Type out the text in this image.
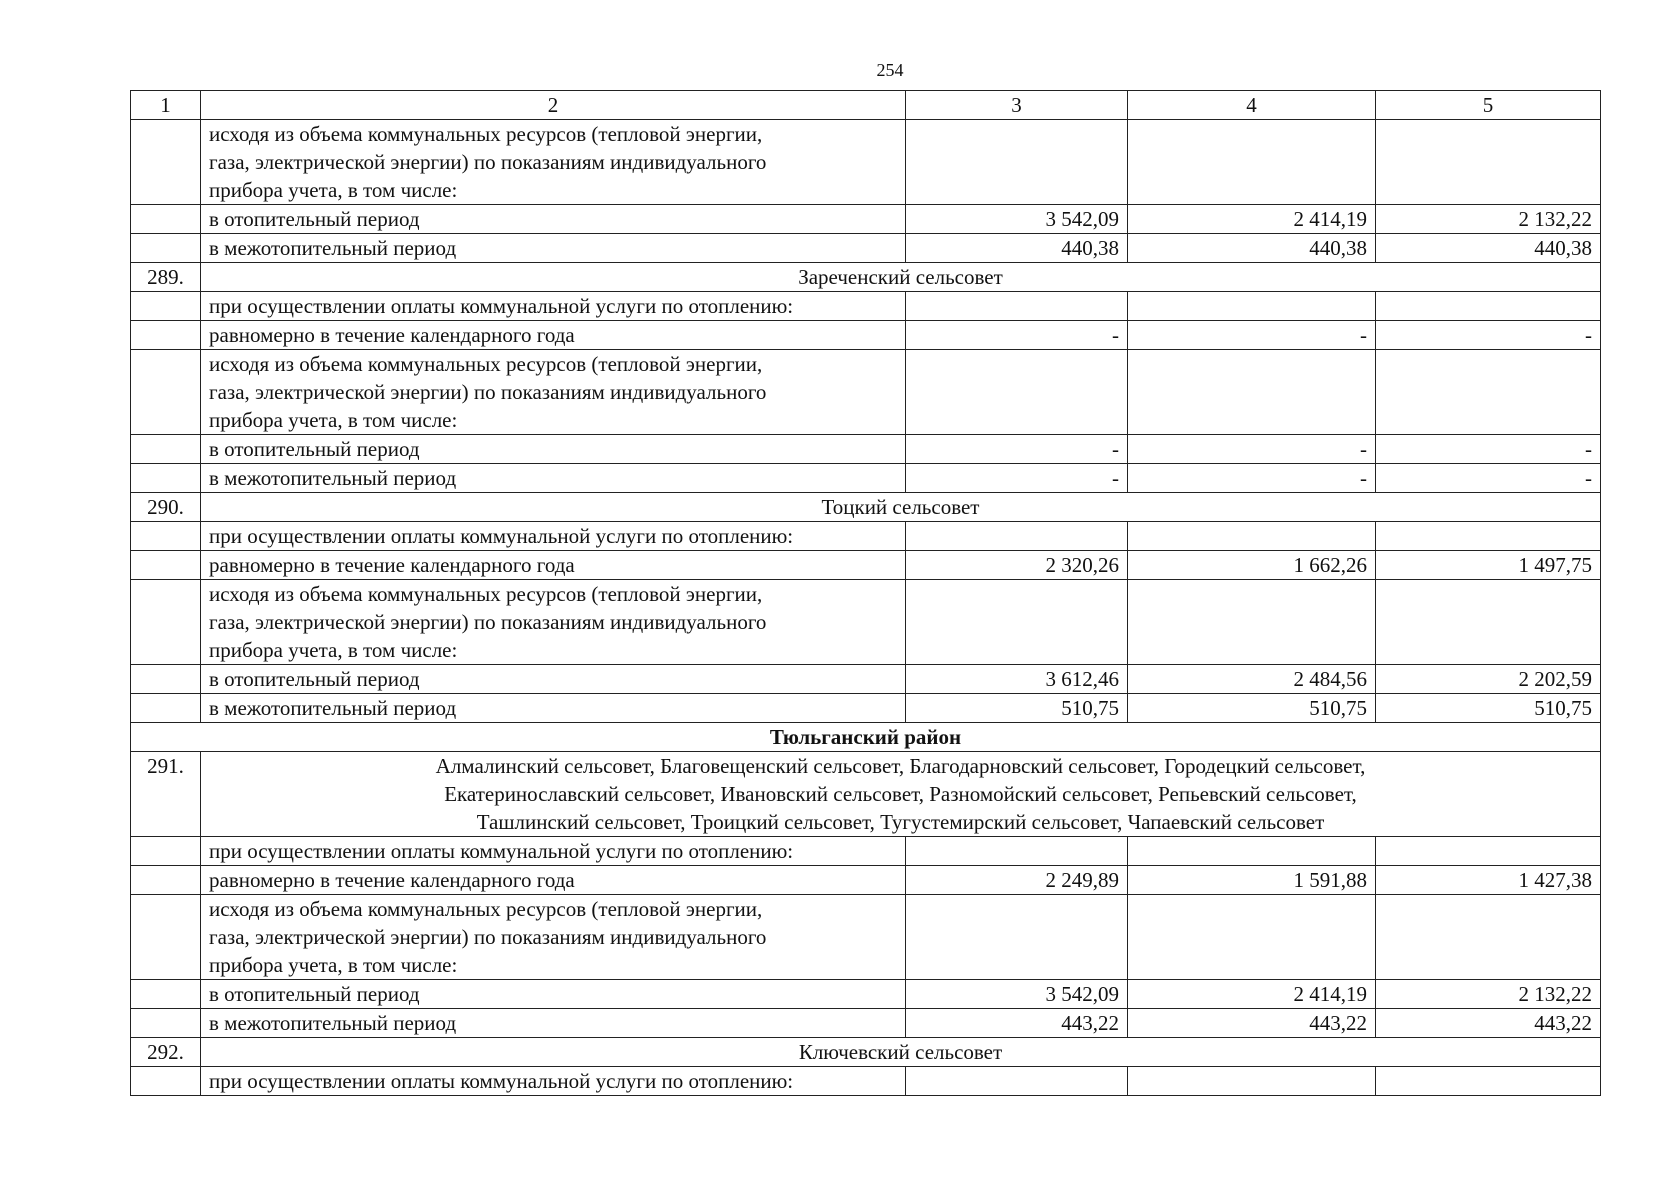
254
1	2	3	4	5
	исходя из объема коммунальных ресурсов (тепловой энергии,
газа, электрической энергии) по показаниям индивидуального
прибора учета, в том числе:			
	в отопительный период	3 542,09	2 414,19	2 132,22
	в межотопительный период	440,38	440,38	440,38
289.	Зареченский сельсовет			
	при осуществлении оплаты коммунальной услуги по отоплению:			
	равномерно в течение календарного года	-	-	-
	исходя из объема коммунальных ресурсов (тепловой энергии,
газа, электрической энергии) по показаниям индивидуального
прибора учета, в том числе:			
	в отопительный период	-	-	-
	в межотопительный период	-	-	-
290.	Тоцкий сельсовет			
	при осуществлении оплаты коммунальной услуги по отоплению:			
	равномерно в течение календарного года	2 320,26	1 662,26	1 497,75
	исходя из объема коммунальных ресурсов (тепловой энергии,
газа, электрической энергии) по показаниям индивидуального
прибора учета, в том числе:			
	в отопительный период	3 612,46	2 484,56	2 202,59
	в межотопительный период	510,75	510,75	510,75
Тюльганский район				
291.	Алмалинский сельсовет, Благовещенский сельсовет, Благодарновский сельсовет, Городецкий сельсовет,
Екатеринославский сельсовет, Ивановский сельсовет, Разномойский сельсовет, Репьевский сельсовет,
Ташлинский сельсовет, Троицкий сельсовет, Тугустемирский сельсовет, Чапаевский сельсовет			
	при осуществлении оплаты коммунальной услуги по отоплению:			
	равномерно в течение календарного года	2 249,89	1 591,88	1 427,38
	исходя из объема коммунальных ресурсов (тепловой энергии,
газа, электрической энергии) по показаниям индивидуального
прибора учета, в том числе:			
	в отопительный период	3 542,09	2 414,19	2 132,22
	в межотопительный период	443,22	443,22	443,22
292.	Ключевский сельсовет			
	при осуществлении оплаты коммунальной услуги по отоплению:			
